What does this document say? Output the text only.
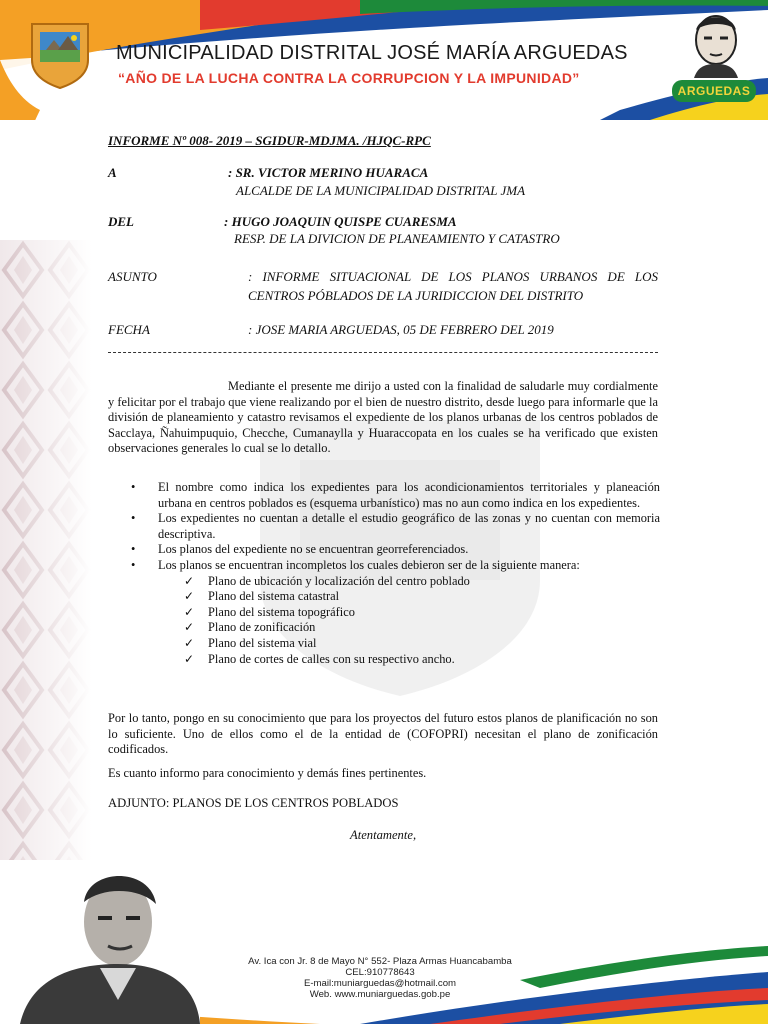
MUNICIPALIDAD DISTRITAL JOSÉ MARÍA ARGUEDAS
“AÑO DE LA LUCHA CONTRA LA CORRUPCION Y LA IMPUNIDAD”
ARGUEDAS
INFORME Nº 008- 2019 – SGIDUR-MDJMA. /HJQC-RPC
A	: SR. VICTOR MERINO HUARACA
ALCALDE DE LA MUNICIPALIDAD DISTRITAL JMA
DEL	: HUGO JOAQUIN QUISPE CUARESMA
RESP. DE LA DIVICION DE PLANEAMIENTO Y CATASTRO
ASUNTO	: INFORME SITUACIONAL DE LOS PLANOS URBANOS DE LOS
CENTROS PÓBLADOS DE LA JURIDICCION DEL DISTRITO
FECHA	: JOSE MARIA ARGUEDAS, 05 DE FEBRERO DEL 2019
Mediante el presente me dirijo a usted con la finalidad de saludarle muy cordialmente y felicitar por el trabajo que viene realizando por el bien de nuestro distrito, desde luego para informarle que la división de planeamiento y catastro revisamos el expediente de los planos urbanas de los centros poblados de Sacclaya, Ñahuimpuquio, Checche, Cumanaylla y Huaraccopata en los cuales se ha verificado que existen observaciones generales lo cual se lo detallo.
• El nombre como indica los expedientes para los acondicionamientos territoriales y planeación urbana en centros poblados es (esquema urbanístico) mas no aun como indica en los expedientes.
• Los expedientes no cuentan a detalle el estudio geográfico de las zonas y no cuentan con memoria descriptiva.
• Los planos del expediente no se encuentran georreferenciados.
• Los planos se encuentran incompletos los cuales debieron ser de la siguiente manera:
✓ Plano de ubicación y localización del centro poblado
✓ Plano del sistema catastral
✓ Plano del sistema topográfico
✓ Plano de zonificación
✓ Plano del sistema vial
✓ Plano de cortes de calles con su respectivo ancho.
Por lo tanto, pongo en su conocimiento que para los proyectos del futuro estos planos de planificación no son lo suficiente. Uno de ellos como el de la entidad de (COFOPRI) necesitan el plano de zonificación codificados.
Es cuanto informo para conocimiento y demás fines pertinentes.
ADJUNTO: PLANOS DE LOS CENTROS POBLADOS
Atentamente,
Av. Ica con Jr. 8 de Mayo N° 552- Plaza Armas Huancabamba
CEL:910778643
E-mail:muniarguedas@hotmail.com
Web. www.muniarguedas.gob.pe
